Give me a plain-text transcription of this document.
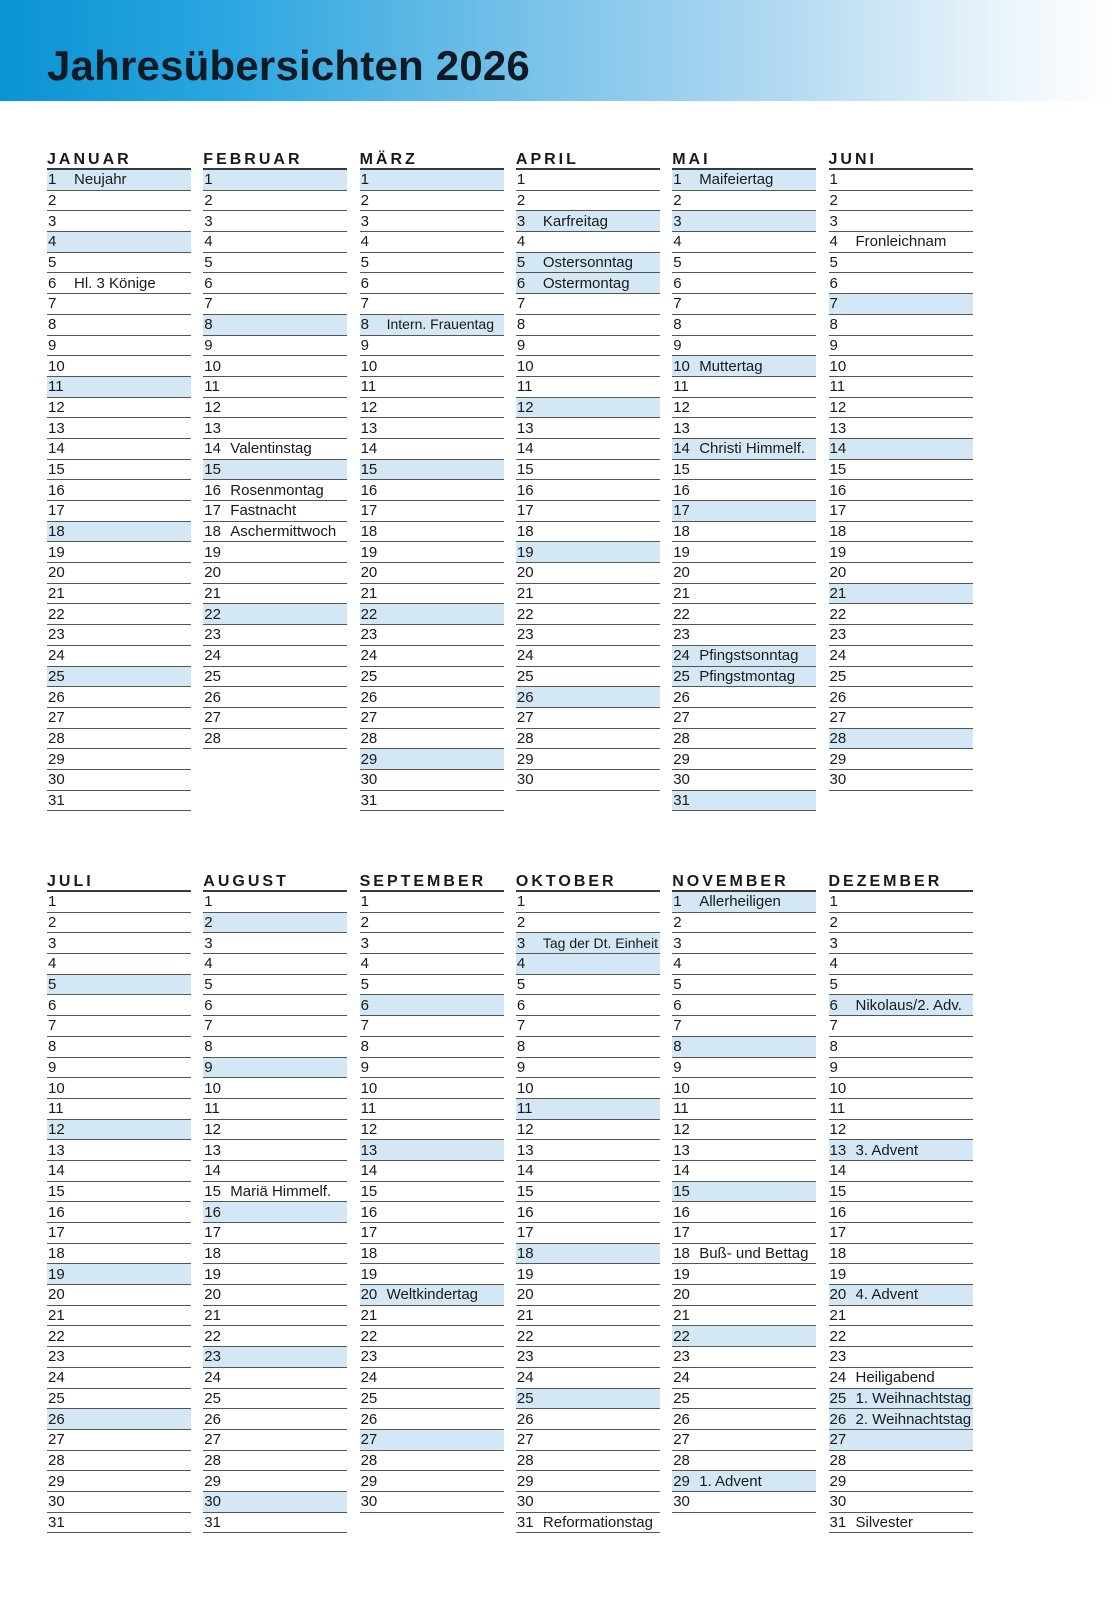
Jahresübersichten 2026
JANUAR
1	Neujahr
2
3
4
5
6	Hl. 3 Könige
7
8
9
10
11
12
13
14
15
16
17
18
19
20
21
22
23
24
25
26
27
28
29
30
31
FEBRUAR
1
2
3
4
5
6
7
8
9
10
11
12
13
14 Valentinstag
15
16 Rosenmontag
17 Fastnacht
18 Aschermittwoch
19
20
21
22
23
24
25
26
27
28
MÄRZ
1
2
3
4
5
6
7
8	Intern. Frauentag
9
10
11
12
13
14
15
16
17
18
19
20
21
22
23
24
25
26
27
28
29
30
31
APRIL
1
2
3	Karfreitag
4
5	Ostersonntag
6	Ostermontag
7
8
9
10
11
12
13
14
15
16
17
18
19
20
21
22
23
24
25
26
27
28
29
30
MAI
1	Maifeiertag
2
3
4
5
6
7
8
9
10 Muttertag
11
12
13
14 Christi Himmelf.
15
16
17
18
19
20
21
22
23
24 Pfingstsonntag
25 Pfingstmontag
26
27
28
29
30
31
JUNI
1
2
3
4	Fronleichnam
5
6
7
8
9
10
11
12
13
14
15
16
17
18
19
20
21
22
23
24
25
26
27
28
29
30
JULI
1
2
3
4
5
6
7
8
9
10
11
12
13
14
15
16
17
18
19
20
21
22
23
24
25
26
27
28
29
30
31
AUGUST
1
2
3
4
5
6
7
8
9
10
11
12
13
14
15 Mariä Himmelf.
16
17
18
19
20
21
22
23
24
25
26
27
28
29
30
31
SEPTEMBER
1
2
3
4
5
6
7
8
9
10
11
12
13
14
15
16
17
18
19
20 Weltkindertag
21
22
23
24
25
26
27
28
29
30
OKTOBER
1
2
3	Tag der Dt. Einheit
4
5
6
7
8
9
10
11
12
13
14
15
16
17
18
19
20
21
22
23
24
25
26
27
28
29
30
31 Reformationstag
NOVEMBER
1	Allerheiligen
2
3
4
5
6
7
8
9
10
11
12
13
14
15
16
17
18 Buß- und Bettag
19
20
21
22
23
24
25
26
27
28
29 1. Advent
30
DEZEMBER
1
2
3
4
5
6	Nikolaus/2. Adv.
7
8
9
10
11
12
13 3. Advent
14
15
16
17
18
19
20 4. Advent
21
22
23
24 Heiligabend
25 1. Weihnachtstag
26 2. Weihnachtstag
27
28
29
30
31 Silvester
